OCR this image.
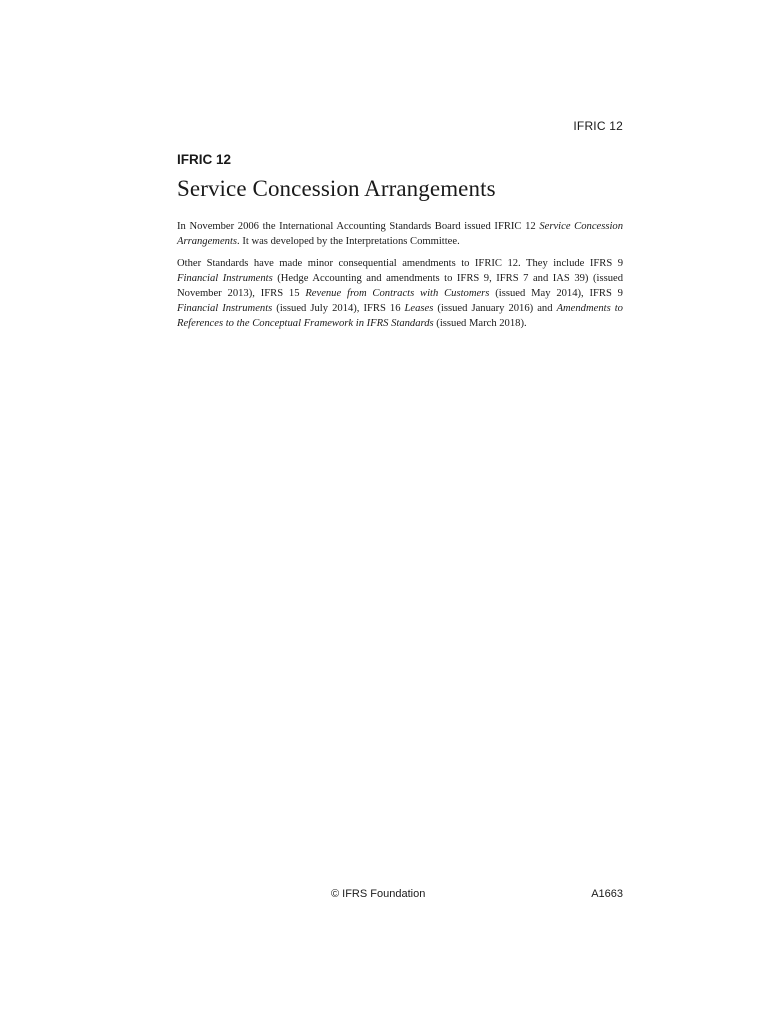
IFRIC 12
IFRIC 12
Service Concession Arrangements

In November 2006 the International Accounting Standards Board issued IFRIC 12 Service Concession Arrangements. It was developed by the Interpretations Committee.

Other Standards have made minor consequential amendments to IFRIC 12. They include IFRS 9 Financial Instruments (Hedge Accounting and amendments to IFRS 9, IFRS 7 and IAS 39) (issued November 2013), IFRS 15 Revenue from Contracts with Customers (issued May 2014), IFRS 9 Financial Instruments (issued July 2014), IFRS 16 Leases (issued January 2016) and Amendments to References to the Conceptual Framework in IFRS Standards (issued March 2018).

© IFRS Foundation	A1663
